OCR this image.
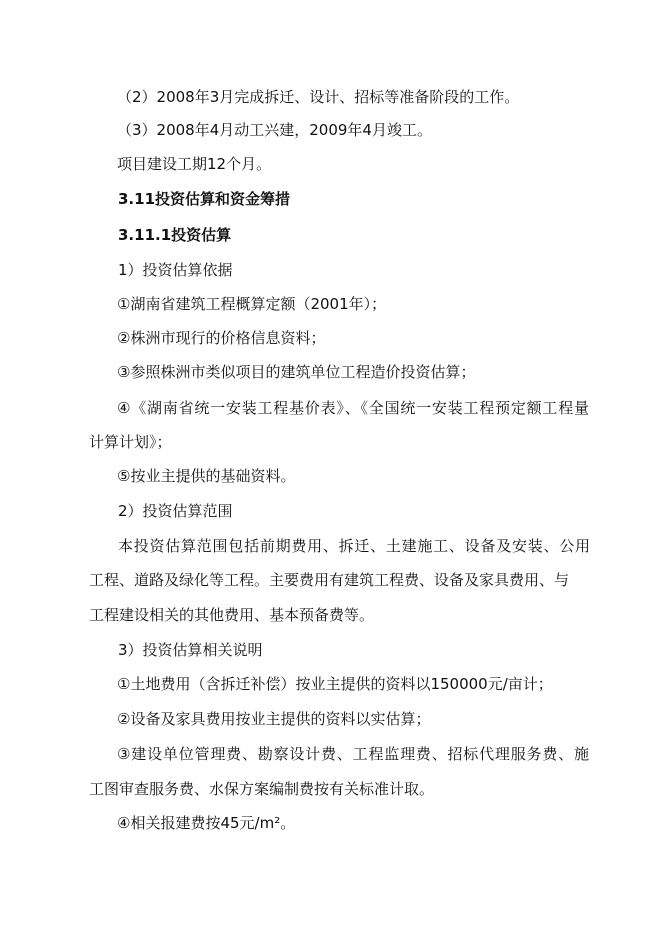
（2）2008年3月完成拆迁、设计、招标等准备阶段的工作。
（3）2008年4月动工兴建，2009年4月竣工。
项目建设工期12个月。
3.11投资估算和资金筹措
3.11.1投资估算
1）投资估算依据
①湖南省建筑工程概算定额（2001年）；
②株洲市现行的价格信息资料；
③参照株洲市类似项目的建筑单位工程造价投资估算；
④《湖南省统一安装工程基价表》、《全国统一安装工程预定额工程量
计算计划》；
⑤按业主提供的基础资料。
2）投资估算范围
本投资估算范围包括前期费用、拆迁、土建施工、设备及安装、公用
工程、道路及绿化等工程。主要费用有建筑工程费、设备及家具费用、与
工程建设相关的其他费用、基本预备费等。
3）投资估算相关说明
①土地费用（含拆迁补偿）按业主提供的资料以150000元/亩计；
②设备及家具费用按业主提供的资料以实估算；
③建设单位管理费、勘察设计费、工程监理费、招标代理服务费、施
工图审查服务费、水保方案编制费按有关标准计取。
④相关报建费按45元/m²。
